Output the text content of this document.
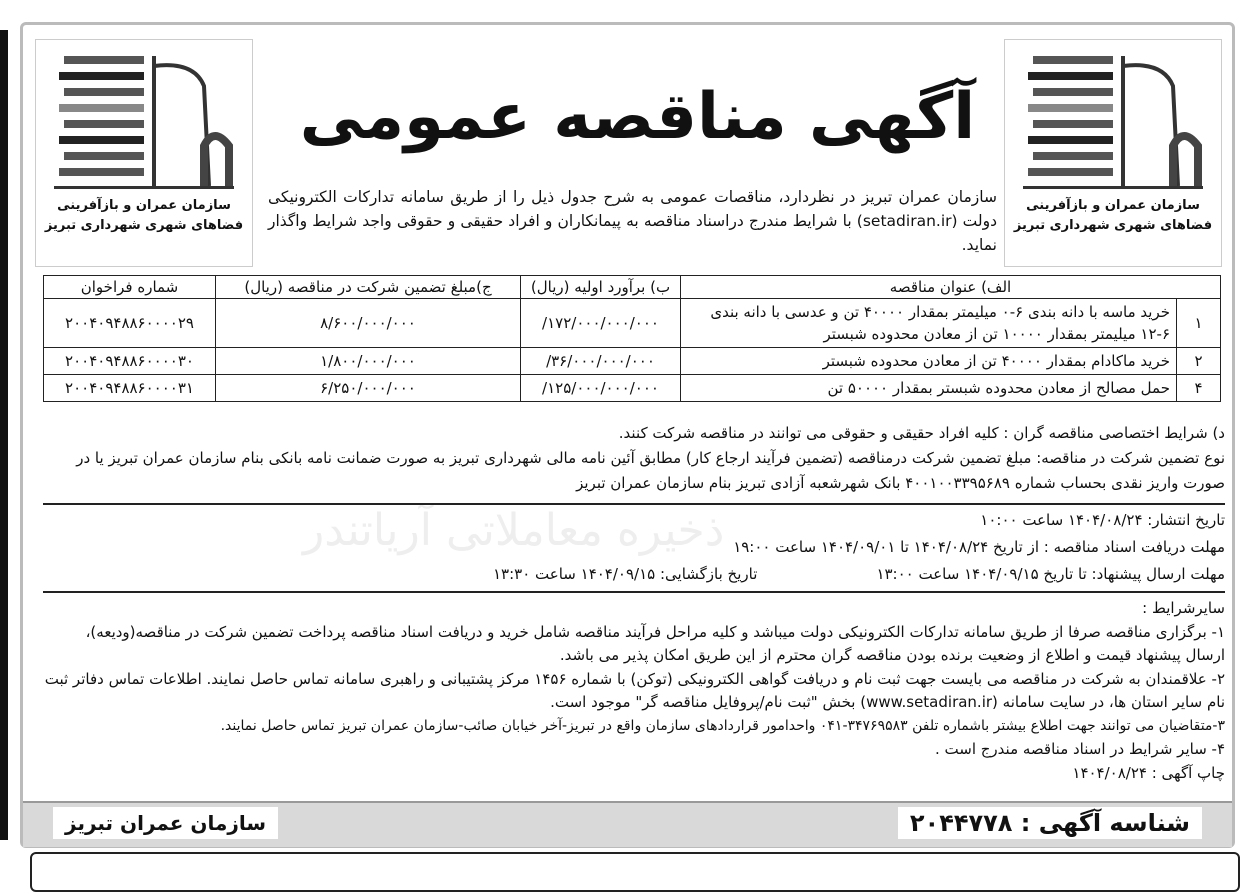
سازمان عمران و بازآفرینی
فضاهای شهری شهرداری تبریز
سازمان عمران و بازآفرینی
فضاهای شهری شهرداری تبریز
آگهی مناقصه عمومی
سازمان عمران تبریز در نظردارد، مناقصات عمومی به شرح جدول ذیل را از طریق سامانه تدارکات الکترونیکی دولت (setadiran.ir) با شرایط مندرج دراسناد مناقصه به پیمانکاران و افراد حقیقی و حقوقی واجد شرایط واگذار نماید.
ذخیره معاملاتی آریاتندر
الف) عنوان مناقصه		ب) برآورد اولیه (ریال)	ج)مبلغ تضمین شرکت در مناقصه (ریال)	شماره فراخوان
۱	خرید ماسه با دانه بندی ۶-۰ میلیمتر بمقدار ۴۰۰۰۰ تن و عدسی با دانه بندی ۶-۱۲ میلیمتر بمقدار ۱۰۰۰۰ تن از معادن محدوده شبستر	۱۷۲/۰۰۰/۰۰۰/۰۰۰/	۸/۶۰۰/۰۰۰/۰۰۰	۲۰۰۴۰۹۴۸۸۶۰۰۰۰۲۹
۲	خرید ماکادام بمقدار ۴۰۰۰۰ تن از معادن محدوده شبستر	۳۶/۰۰۰/۰۰۰/۰۰۰/	۱/۸۰۰/۰۰۰/۰۰۰	۲۰۰۴۰۹۴۸۸۶۰۰۰۰۳۰
۴	حمل مصالح از معادن محدوده شبستر بمقدار ۵۰۰۰۰ تن	۱۲۵/۰۰۰/۰۰۰/۰۰۰/	۶/۲۵۰/۰۰۰/۰۰۰	۲۰۰۴۰۹۴۸۸۶۰۰۰۰۳۱
د) شرایط اختصاصی مناقصه گران : کلیه افراد حقیقی و حقوقی می توانند در مناقصه شرکت کنند.
نوع تضمین شرکت در مناقصه: مبلغ تضمین شرکت درمناقصه (تضمین فرآیند ارجاع کار) مطابق آئین نامه مالی شهرداری تبریز به صورت ضمانت نامه بانکی بنام سازمان عمران تبریز یا در صورت واریز نقدی بحساب شماره ۴۰۰۱۰۰۳۳۹۵۶۸۹ بانک شهرشعبه آزادی تبریز بنام سازمان عمران تبریز
تاریخ انتشار: ۱۴۰۴/۰۸/۲۴ ساعت ۱۰:۰۰
مهلت دریافت اسناد مناقصه : از تاریخ ۱۴۰۴/۰۸/۲۴ تا ۱۴۰۴/۰۹/۰۱ ساعت ۱۹:۰۰
مهلت ارسال پیشنهاد: تا تاریخ ۱۴۰۴/۰۹/۱۵ ساعت ۱۳:۰۰
تاریخ بازگشایی: ۱۴۰۴/۰۹/۱۵ ساعت ۱۳:۳۰
سایرشرایط :
۱- برگزاری مناقصه صرفا از طریق سامانه تدارکات الکترونیکی دولت میباشد و کلیه مراحل فرآیند مناقصه شامل خرید و دریافت اسناد مناقصه پرداخت تضمین شرکت در مناقصه(ودیعه)، ارسال پیشنهاد قیمت و اطلاع از وضعیت برنده بودن مناقصه گران محترم از این طریق امکان پذیر می باشد.
۲- علاقمندان به شرکت در مناقصه می بایست جهت ثبت نام و دریافت گواهی الکترونیکی (توکن) با شماره ۱۴۵۶ مرکز پشتیبانی و راهبری سامانه تماس حاصل نمایند. اطلاعات تماس دفاتر ثبت نام سایر استان ها، در سایت سامانه (www.setadiran.ir) بخش "ثبت نام/پروفایل مناقصه گر" موجود است.
۳-متقاضیان می توانند جهت اطلاع بیشتر باشماره تلفن ۳۴۷۶۹۵۸۳-۰۴۱ واحدامور قراردادهای سازمان واقع در تبریز-آخر خیابان صائب-سازمان عمران تبریز تماس حاصل نمایند.
۴- سایر شرایط در اسناد مناقصه مندرج است .
چاپ آگهی : ۱۴۰۴/۰۸/۲۴
شناسه آگهی : ۲۰۴۴۷۷۸
سازمان عمران تبریز
